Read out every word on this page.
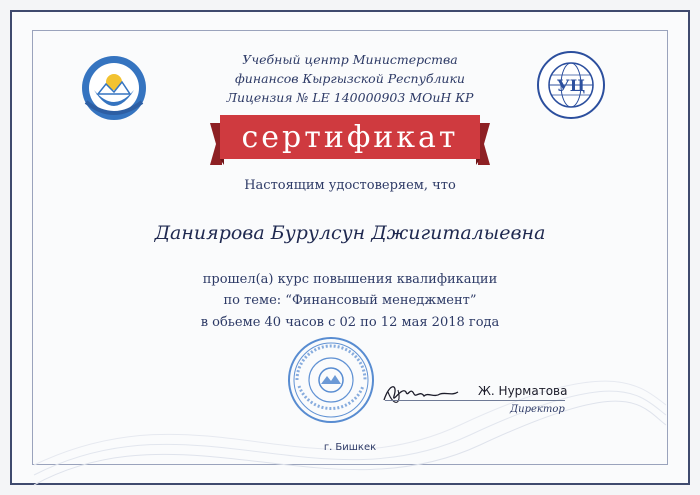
Учебный центр Министерства
финансов Кыргызской Республики
Лицензия № LE 140000903 МОиН КР
УЦ
сертификат
Настоящим удостоверяем, что
Даниярова Бурулсун Джигиталыевна
прошел(а) курс повышения квалификации
по теме: “Финансовый менеджмент”
в обьеме 40 часов с 02 по 12 мая 2018 года
Ж. Нурматова
Директор
г. Бишкек
